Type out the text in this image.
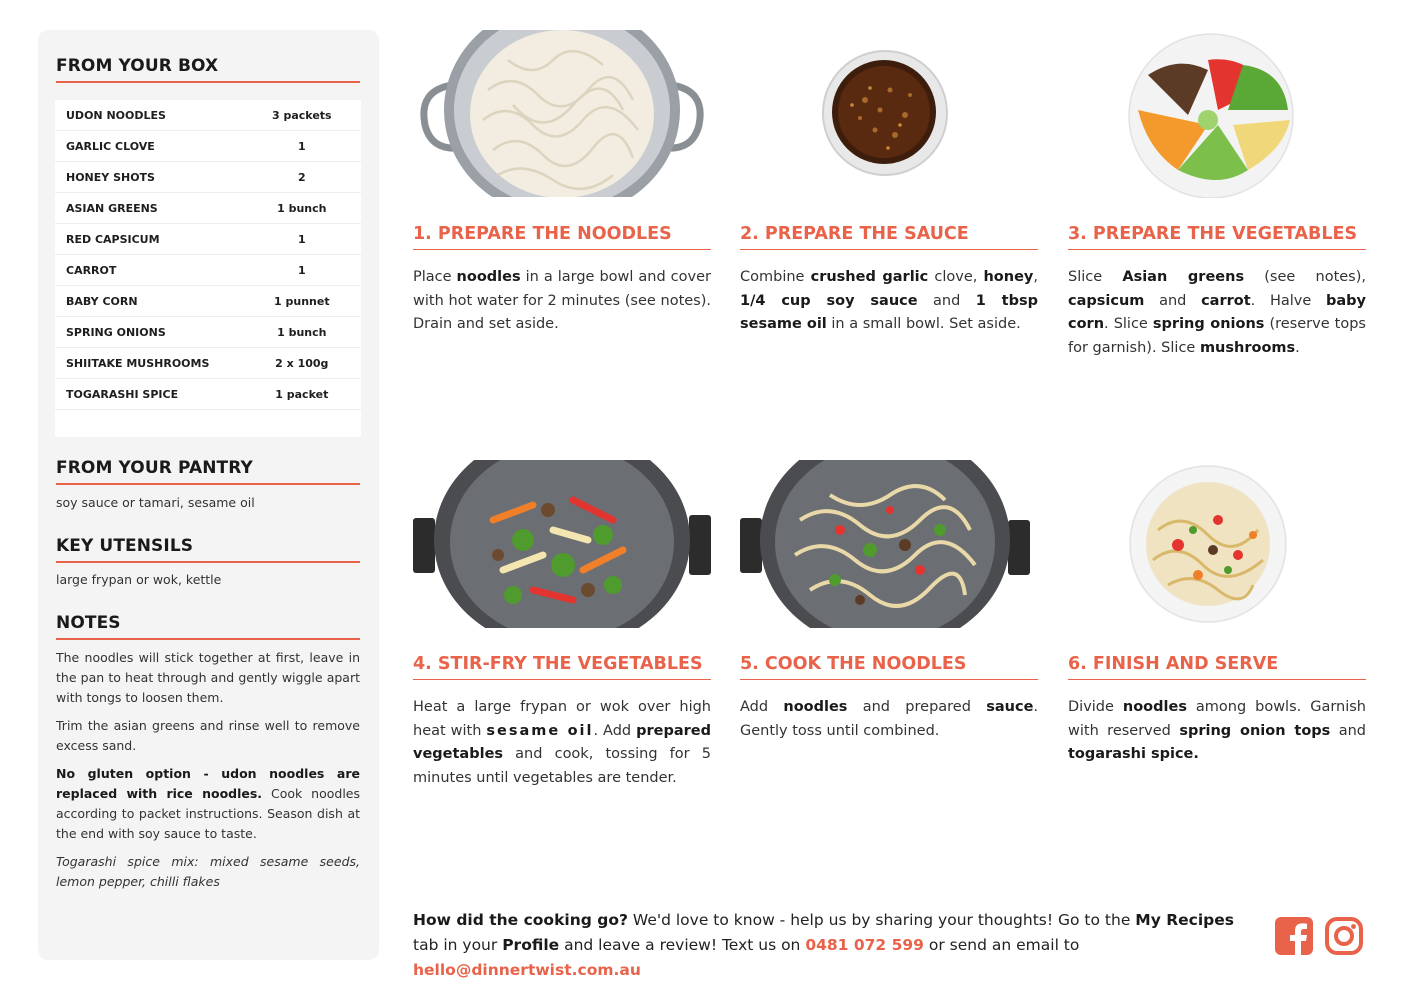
FROM YOUR BOX
UDON NOODLES	3 packets
GARLIC CLOVE	1
HONEY SHOTS	2
ASIAN GREENS	1 bunch
RED CAPSICUM	1
CARROT	1
BABY CORN	1 punnet
SPRING ONIONS	1 bunch
SHIITAKE MUSHROOMS	2 x 100g
TOGARASHI SPICE	1 packet
FROM YOUR PANTRY
soy sauce or tamari, sesame oil
KEY UTENSILS
large frypan or wok, kettle
NOTES

The noodles will stick together at first, leave in the pan to heat through and gently wiggle apart with tongs to loosen them.

Trim the asian greens and rinse well to remove excess sand.

No gluten option - udon noodles are replaced with rice noodles. Cook noodles according to packet instructions. Season dish at the end with soy sauce to taste.

Togarashi spice mix: mixed sesame seeds, lemon pepper, chilli flakes

1. PREPARE THE NOODLES	2. PREPARE THE SAUCE	3. PREPARE THE VEGETABLES
4. STIR-FRY THE VEGETABLES	5. COOK THE NOODLES	6. FINISH AND SERVE
Place noodles in a large bowl and cover with hot water for 2 minutes (see notes). Drain and set aside.
Combine crushed garlic clove, honey, 1/4 cup soy sauce and 1 tbsp sesame oil in a small bowl. Set aside.
Slice Asian greens (see notes), capsicum and carrot. Halve baby corn. Slice spring onions (reserve tops for garnish). Slice mushrooms.
Heat a large frypan or wok over high heat with sesame oil. Add prepared vegetables and cook, tossing for 5 minutes until vegetables are tender.
Add noodles and prepared sauce. Gently toss until combined.
Divide noodles among bowls. Garnish with reserved spring onion tops and togarashi spice.
How did the cooking go? We'd love to know - help us by sharing your thoughts! Go to the My Recipes tab in your Profile and leave a review! Text us on 0481 072 599 or send an email to hello@dinnertwist.com.au
